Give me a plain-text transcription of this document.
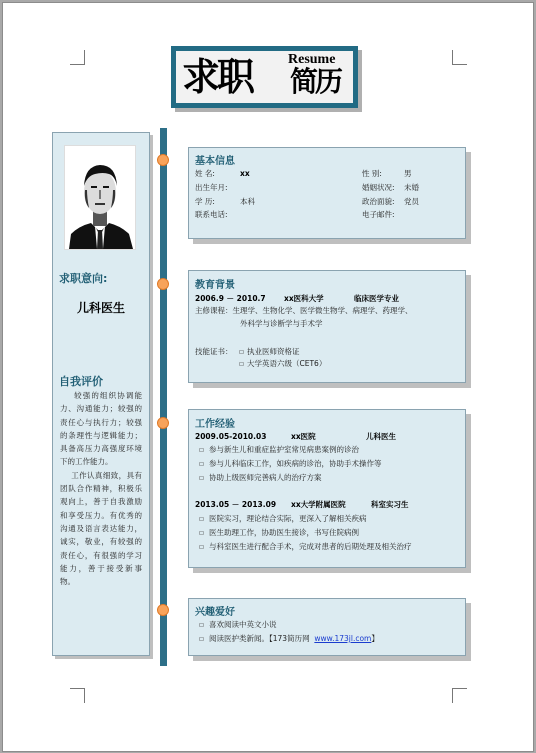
求职	Resume
简历
求职意向:
儿科医生
自我评价
较强的组织协调能力、沟通能力；较强的责任心与执行力；较强的条理性与逻辑能力；具备高压力高强度环境下的工作能力。
工作认真细致，具有团队合作精神，积极乐观向上，善于自我激励和享受压力。有优秀的沟通及语言表达能力，诚实，敬业，有较强的责任心，有很强的学习能力，善于接受新事物。
基本信息
姓 名:	xx	性 别:	男
出生年月:	婚姻状况: 未婚
学 历:	本科	政治面貌: 党员
联系电话:	电子邮件:
教育背景
2006.9 － 2010.7 xx医科大学	临床医学专业
主修课程：生理学、生物化学、医学微生物学、病理学、药理学、
外科学与诊断学与手术学
技能证书： ▫ 执业医师资格证
▫ 大学英语六级（CET6）
工作经验
2009.05-2010.03	xx医院	儿科医生
▫ 参与新生儿和重症监护室常见病患案例的诊治
▫ 参与儿科临床工作，如疾病的诊治，协助手术操作等
▫ 协助上级医师完善病人的治疗方案
2013.05 － 2013.09 xx大学附属医院	科室实习生
▫ 医院实习，理论结合实际，更深入了解相关疾病
▫ 医生助理工作，协助医生接诊，书写住院病例
▫ 与科室医生进行配合手术，完成对患者的后期处理及相关治疗
兴趣爱好
▫ 喜欢阅读中英文小说
▫ 阅读医护类新闻。【173简历网 www.173jl.com】
